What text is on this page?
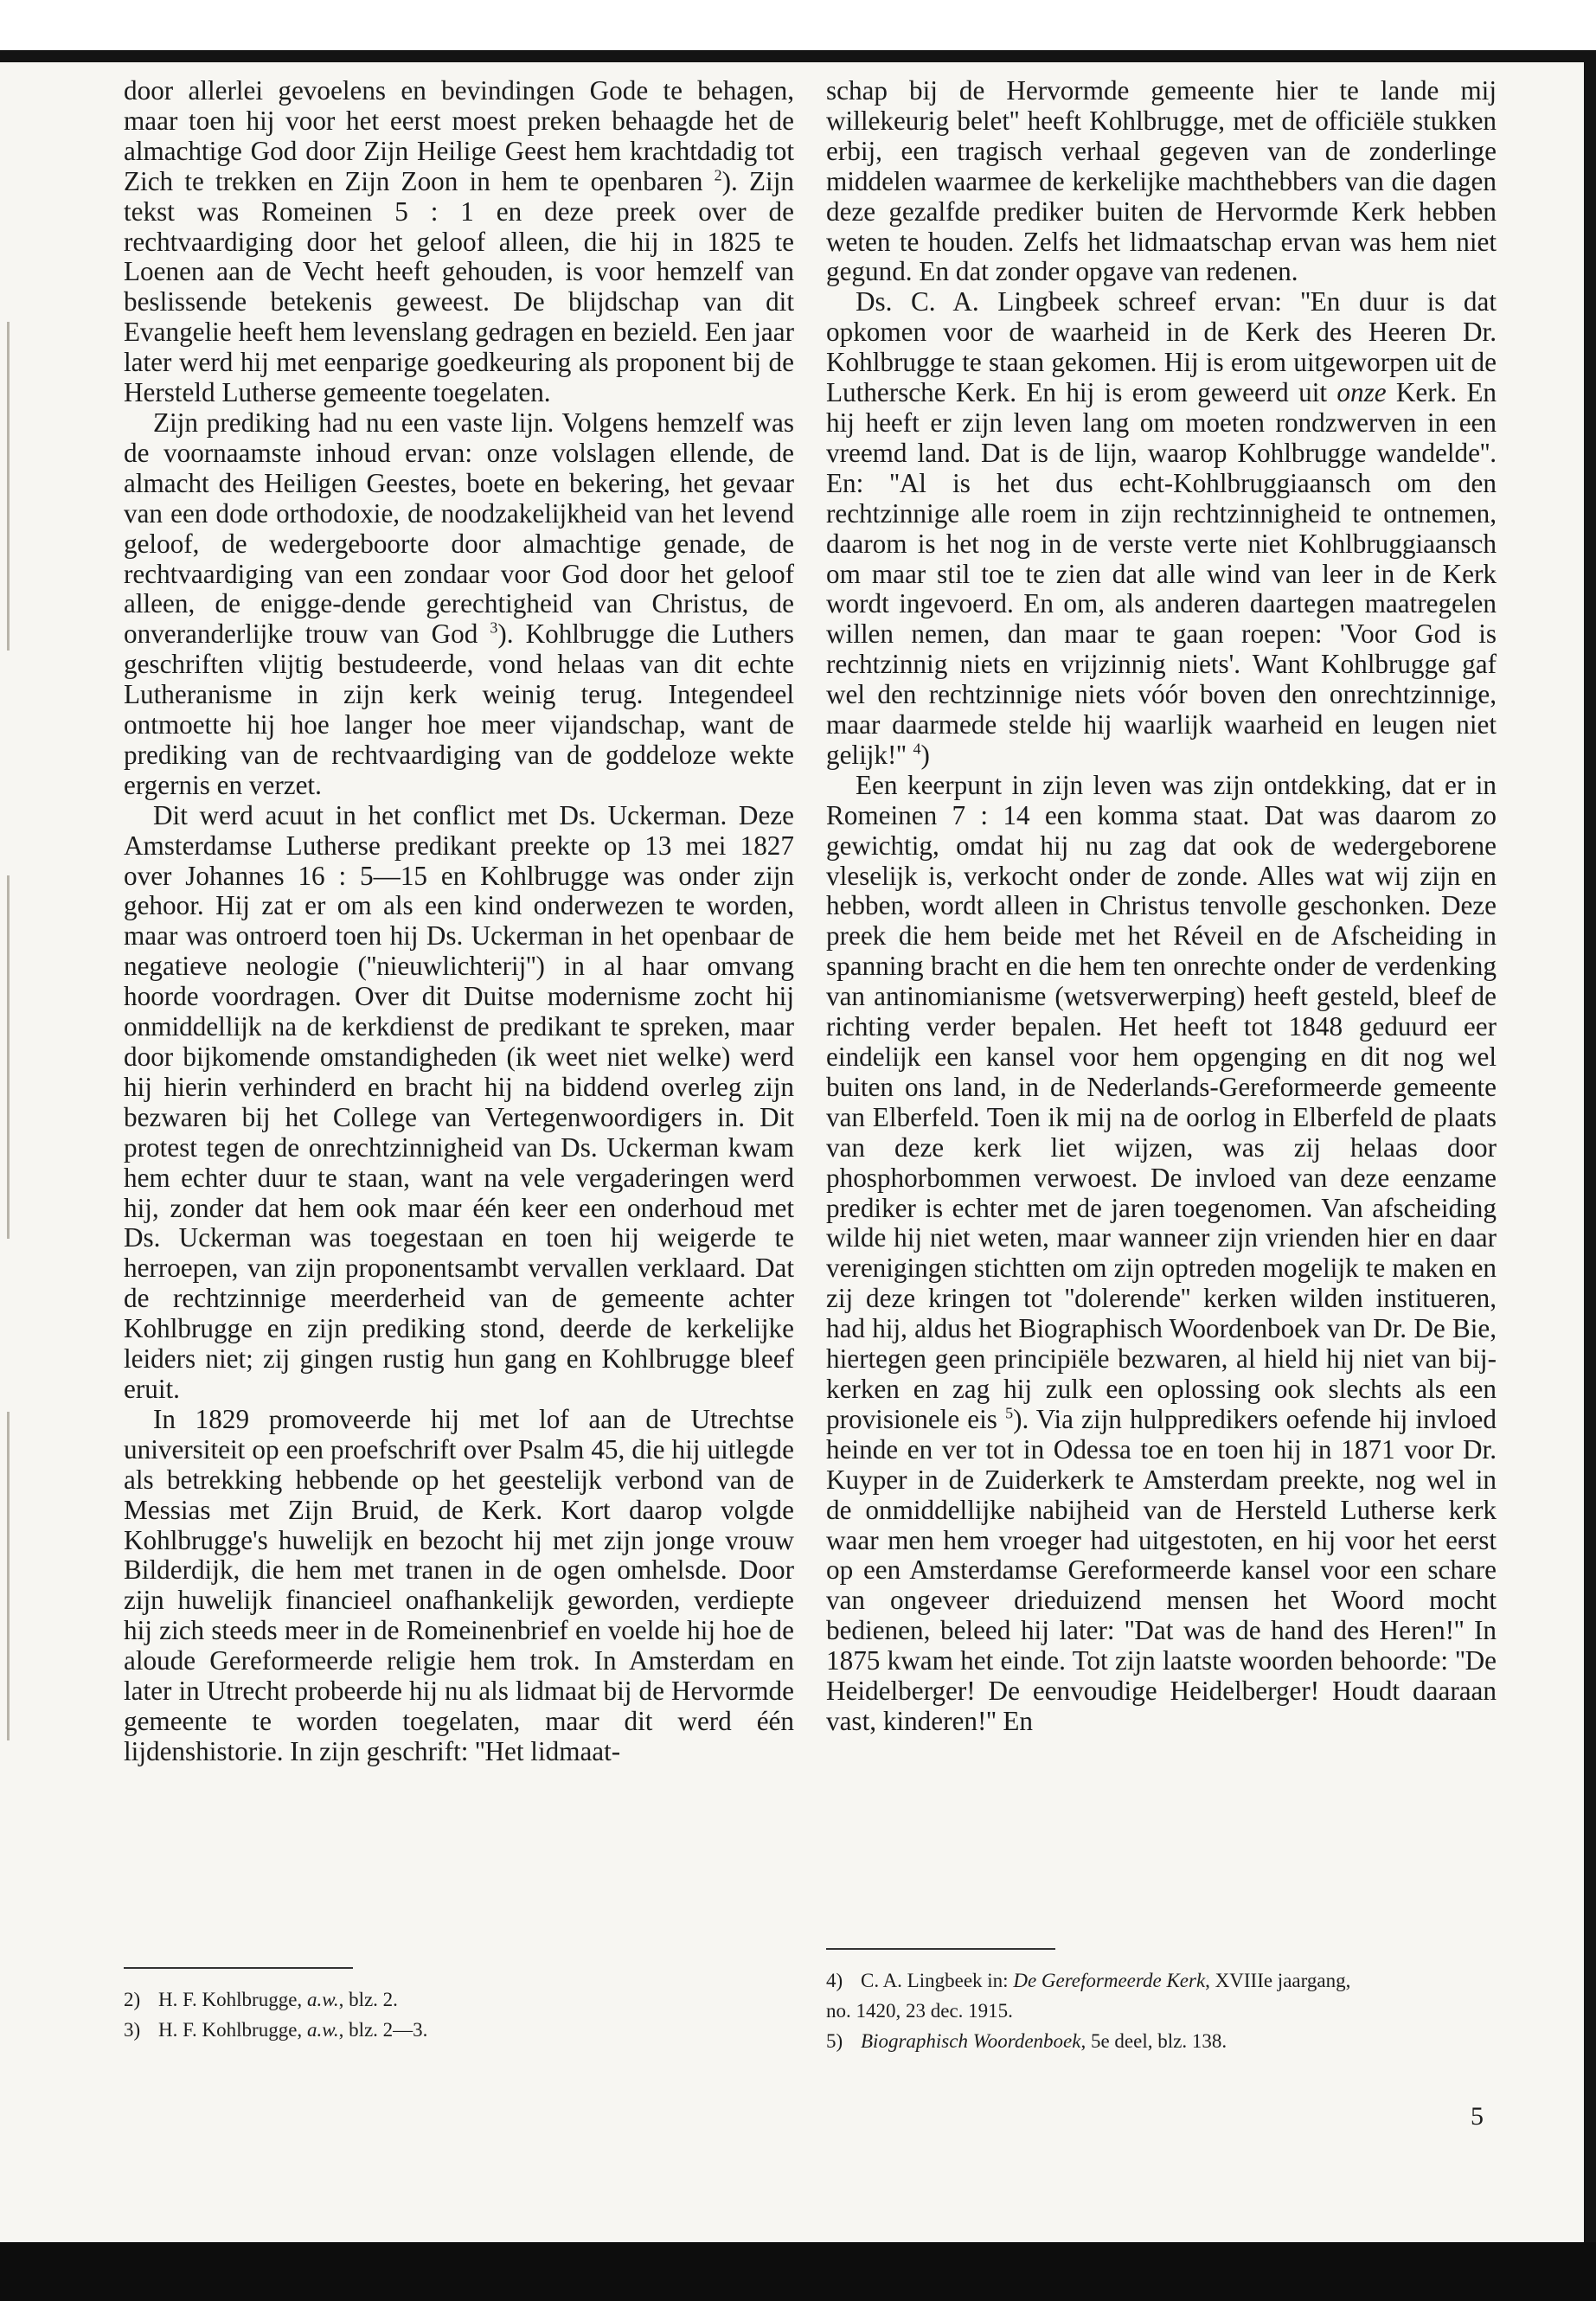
door allerlei gevoelens en bevindingen Gode te behagen, maar toen hij voor het eerst moest preken behaagde het de almachtige God door Zijn Heilige Geest hem krachtdadig tot Zich te trekken en Zijn Zoon in hem te openbaren $^2$). Zijn tekst was Romeinen 5 : 1 en deze preek over de rechtvaardiging door het geloof alleen, die hij in 1825 te Loenen aan de Vecht heeft gehouden, is voor hemzelf van beslissende betekenis geweest. De blijdschap van dit Evangelie heeft hem levenslang gedragen en bezield. Een jaar later werd hij met eenparige goedkeuring als proponent bij de Hersteld Lutherse gemeente toegelaten.

Zijn prediking had nu een vaste lijn. Volgens hemzelf was de voornaamste inhoud ervan: onze volslagen ellende, de almacht des Heiligen Geestes, boete en bekering, het gevaar van een dode orthodoxie, de noodzakelijkheid van het levend geloof, de wedergeboorte door almachtige genade, de rechtvaardiging van een zondaar voor God door het geloof alleen, de enigge-dende gerechtigheid van Christus, de onveranderlijke trouw van God $^3$). Kohlbrugge die Luthers geschriften vlijtig bestudeerde, vond helaas van dit echte Lutheranisme in zijn kerk weinig terug. Integendeel ontmoette hij hoe langer hoe meer vijandschap, want de prediking van de rechtvaardiging van de goddeloze wekte ergernis en verzet.

Dit werd acuut in het conflict met Ds. Uckerman. Deze Amsterdamse Lutherse predikant preekte op 13 mei 1827 over Johannes 16 : 5—15 en Kohlbrugge was onder zijn gehoor. Hij zat er om als een kind onderwezen te worden, maar was ontroerd toen hij Ds. Uckerman in het openbaar de negatieve neologie (''nieuwlichterij'') in al haar omvang hoorde voordragen. Over dit Duitse modernisme zocht hij onmiddellijk na de kerkdienst de predikant te spreken, maar door bijkomende omstandigheden (ik weet niet welke) werd hij hierin verhinderd en bracht hij na biddend overleg zijn bezwaren bij het College van Vertegenwoordigers in. Dit protest tegen de onrechtzinnigheid van Ds. Uckerman kwam hem echter duur te staan, want na vele vergaderingen werd hij, zonder dat hem ook maar één keer een onderhoud met Ds. Uckerman was toegestaan en toen hij weigerde te herroepen, van zijn proponentsambt vervallen verklaard. Dat de rechtzinnige meerderheid van de gemeente achter Kohlbrugge en zijn prediking stond, deerde de kerkelijke leiders niet; zij gingen rustig hun gang en Kohlbrugge bleef eruit.

In 1829 promoveerde hij met lof aan de Utrechtse universiteit op een proefschrift over Psalm 45, die hij uitlegde als betrekking hebbende op het geestelijk verbond van de Messias met Zijn Bruid, de Kerk. Kort daarop volgde Kohlbrugge's huwelijk en bezocht hij met zijn jonge vrouw Bilderdijk, die hem met tranen in de ogen omhelsde. Door zijn huwelijk financieel onafhankelijk geworden, verdiepte hij zich steeds meer in de Romeinenbrief en voelde hij hoe de aloude Gereformeerde religie hem trok. In Amsterdam en later in Utrecht probeerde hij nu als lidmaat bij de Hervormde gemeente te worden toegelaten, maar dit werd één lijdenshistorie. In zijn geschrift: ''Het lidmaat-

2) H. F. Kohlbrugge, a.w., blz. 2.

3) H. F. Kohlbrugge, a.w., blz. 2—3.

schap bij de Hervormde gemeente hier te lande mij willekeurig belet'' heeft Kohlbrugge, met de officiële stukken erbij, een tragisch verhaal gegeven van de zonderlinge middelen waarmee de kerkelijke machthebbers van die dagen deze gezalfde prediker buiten de Hervormde Kerk hebben weten te houden. Zelfs het lidmaatschap ervan was hem niet gegund. En dat zonder opgave van redenen.

Ds. C. A. Lingbeek schreef ervan: ''En duur is dat opkomen voor de waarheid in de Kerk des Heeren Dr. Kohlbrugge te staan gekomen. Hij is erom uitgeworpen uit de Luthersche Kerk. En hij is erom geweerd uit onze Kerk. En hij heeft er zijn leven lang om moeten rondzwerven in een vreemd land. Dat is de lijn, waarop Kohlbrugge wandelde''. En: ''Al is het dus echt-Kohlbruggiaansch om den rechtzinnige alle roem in zijn rechtzinnigheid te ontnemen, daarom is het nog in de verste verte niet Kohlbruggiaansch om maar stil toe te zien dat alle wind van leer in de Kerk wordt ingevoerd. En om, als anderen daartegen maatregelen willen nemen, dan maar te gaan roepen: 'Voor God is rechtzinnig niets en vrijzinnig niets'. Want Kohlbrugge gaf wel den rechtzinnige niets vóór boven den onrechtzinnige, maar daarmede stelde hij waarlijk waarheid en leugen niet gelijk!'' $^4$)

Een keerpunt in zijn leven was zijn ontdekking, dat er in Romeinen 7 : 14 een komma staat. Dat was daarom zo gewichtig, omdat hij nu zag dat ook de wedergeborene vleselijk is, verkocht onder de zonde. Alles wat wij zijn en hebben, wordt alleen in Christus tenvolle geschonken. Deze preek die hem beide met het Réveil en de Afscheiding in spanning bracht en die hem ten onrechte onder de verdenking van antinomianisme (wetsverwerping) heeft gesteld, bleef de richting verder bepalen. Het heeft tot 1848 geduurd eer eindelijk een kansel voor hem opgenging en dit nog wel buiten ons land, in de Nederlands-Gereformeerde gemeente van Elberfeld. Toen ik mij na de oorlog in Elberfeld de plaats van deze kerk liet wijzen, was zij helaas door phosphorbommen verwoest. De invloed van deze eenzame prediker is echter met de jaren toegenomen. Van afscheiding wilde hij niet weten, maar wanneer zijn vrienden hier en daar verenigingen stichtten om zijn optreden mogelijk te maken en zij deze kringen tot ''dolerende'' kerken wilden institueren, had hij, aldus het Biographisch Woordenboek van Dr. De Bie, hiertegen geen principiële bezwaren, al hield hij niet van bij-kerken en zag hij zulk een oplossing ook slechts als een provisionele eis $^5$). Via zijn hulppredikers oefende hij invloed heinde en ver tot in Odessa toe en toen hij in 1871 voor Dr. Kuyper in de Zuiderkerk te Amsterdam preekte, nog wel in de onmiddellijke nabijheid van de Hersteld Lutherse kerk waar men hem vroeger had uitgestoten, en hij voor het eerst op een Amsterdamse Gereformeerde kansel voor een schare van ongeveer drieduizend mensen het Woord mocht bedienen, beleed hij later: ''Dat was de hand des Heren!'' In 1875 kwam het einde. Tot zijn laatste woorden behoorde: ''De Heidelberger! De eenvoudige Heidelberger! Houdt daaraan vast, kinderen!'' En

4) C. A. Lingbeek in: De Gereformeerde Kerk, XVIIIe jaargang,
no. 1420, 23 dec. 1915.

5) Biographisch Woordenboek, 5e deel, blz. 138.

5
